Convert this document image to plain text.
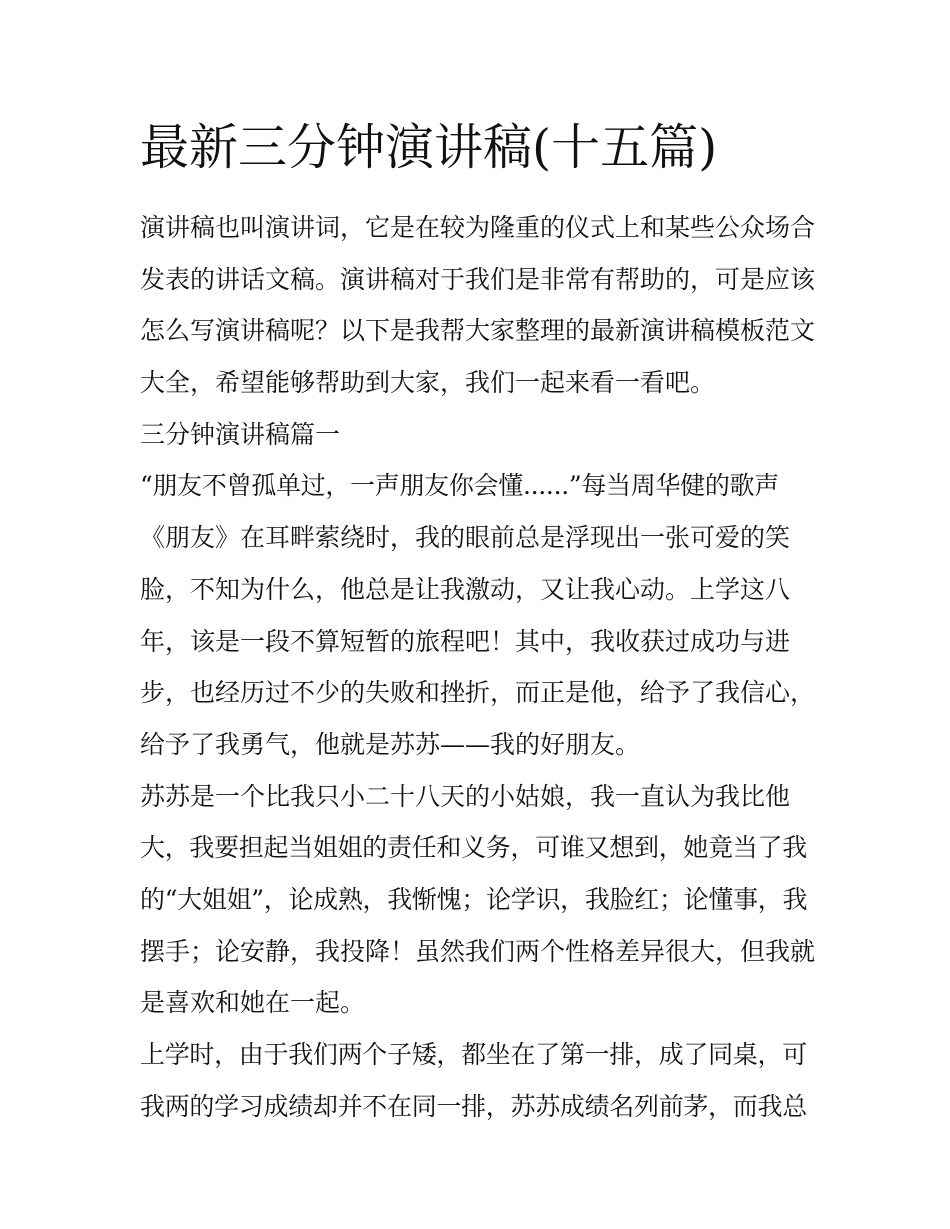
最新三分钟演讲稿(十五篇)
演讲稿也叫演讲词，它是在较为隆重的仪式上和某些公众场合
发表的讲话文稿。演讲稿对于我们是非常有帮助的，可是应该
怎么写演讲稿呢？以下是我帮大家整理的最新演讲稿模板范文
大全，希望能够帮助到大家，我们一起来看一看吧。
三分钟演讲稿篇一
“朋友不曾孤单过，一声朋友你会懂......”每当周华健的歌声
《朋友》在耳畔萦绕时，我的眼前总是浮现出一张可爱的笑
脸，不知为什么，他总是让我激动，又让我心动。上学这八
年，该是一段不算短暂的旅程吧！其中，我收获过成功与进
步，也经历过不少的失败和挫折，而正是他，给予了我信心，
给予了我勇气，他就是苏苏——我的好朋友。
苏苏是一个比我只小二十八天的小姑娘，我一直认为我比他
大，我要担起当姐姐的责任和义务，可谁又想到，她竟当了我
的“大姐姐”，论成熟，我惭愧；论学识，我脸红；论懂事，我
摆手；论安静，我投降！虽然我们两个性格差异很大，但我就
是喜欢和她在一起。
上学时，由于我们两个子矮，都坐在了第一排，成了同桌，可
我两的学习成绩却并不在同一排，苏苏成绩名列前茅，而我总
